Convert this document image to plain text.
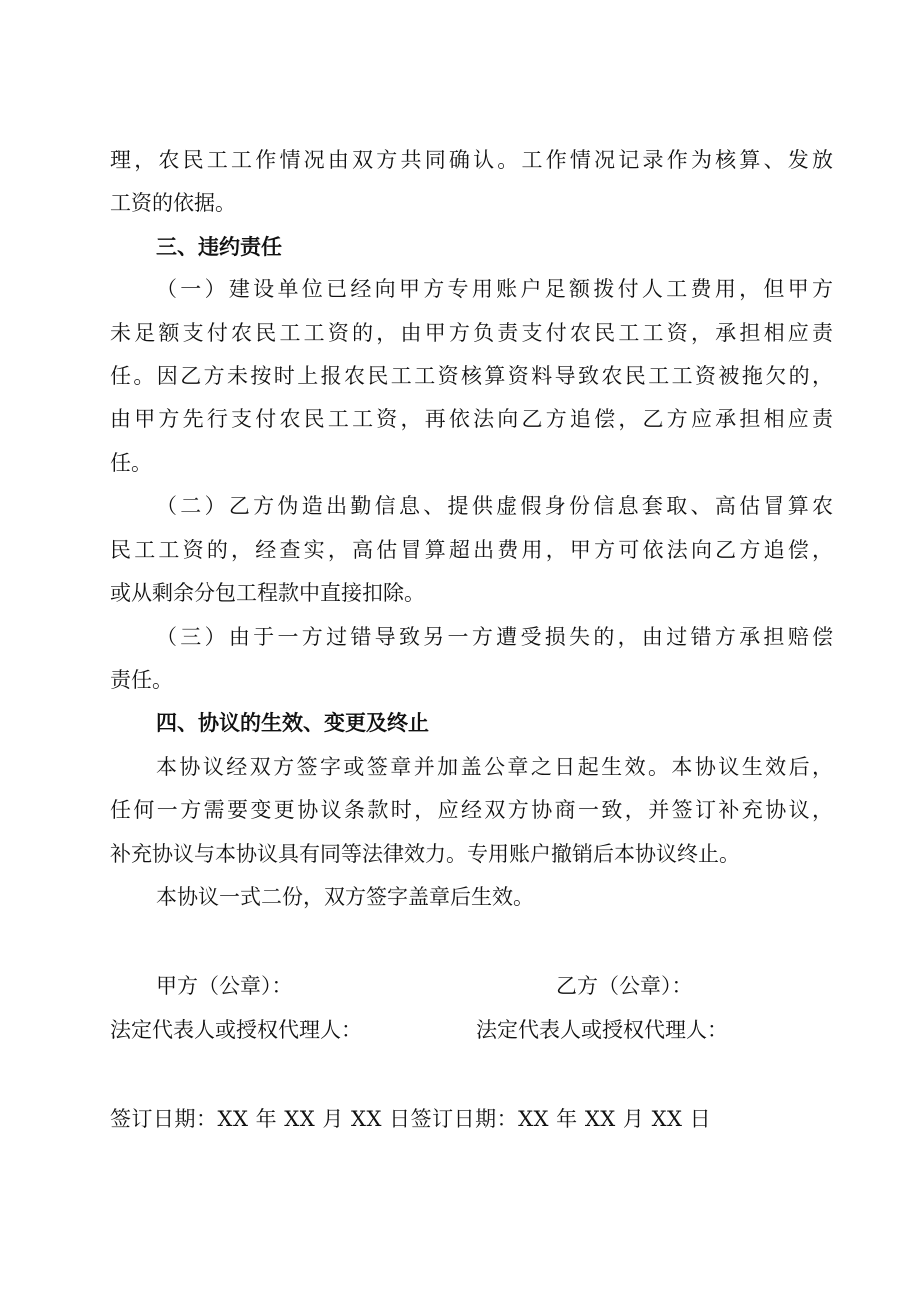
理，农民工工作情况由双方共同确认。工作情况记录作为核算、发放
工资的依据。
三、违约责任
（一）建设单位已经向甲方专用账户足额拨付人工费用，但甲方
未足额支付农民工工资的，由甲方负责支付农民工工资，承担相应责
任。因乙方未按时上报农民工工资核算资料导致农民工工资被拖欠的，
由甲方先行支付农民工工资，再依法向乙方追偿，乙方应承担相应责
任。
（二）乙方伪造出勤信息、提供虚假身份信息套取、高估冒算农
民工工资的，经查实，高估冒算超出费用，甲方可依法向乙方追偿，
或从剩余分包工程款中直接扣除。
（三）由于一方过错导致另一方遭受损失的，由过错方承担赔偿
责任。
四、协议的生效、变更及终止
本协议经双方签字或签章并加盖公章之日起生效。本协议生效后，
任何一方需要变更协议条款时，应经双方协商一致，并签订补充协议，
补充协议与本协议具有同等法律效力。专用账户撤销后本协议终止。
本协议一式二份，双方签字盖章后生效。
甲方（公章）：	乙方（公章）：
法定代表人或授权代理人：	法定代表人或授权代理人：
签订日期：XX 年 XX 月 XX 日签订日期：XX 年 XX 月 XX 日
